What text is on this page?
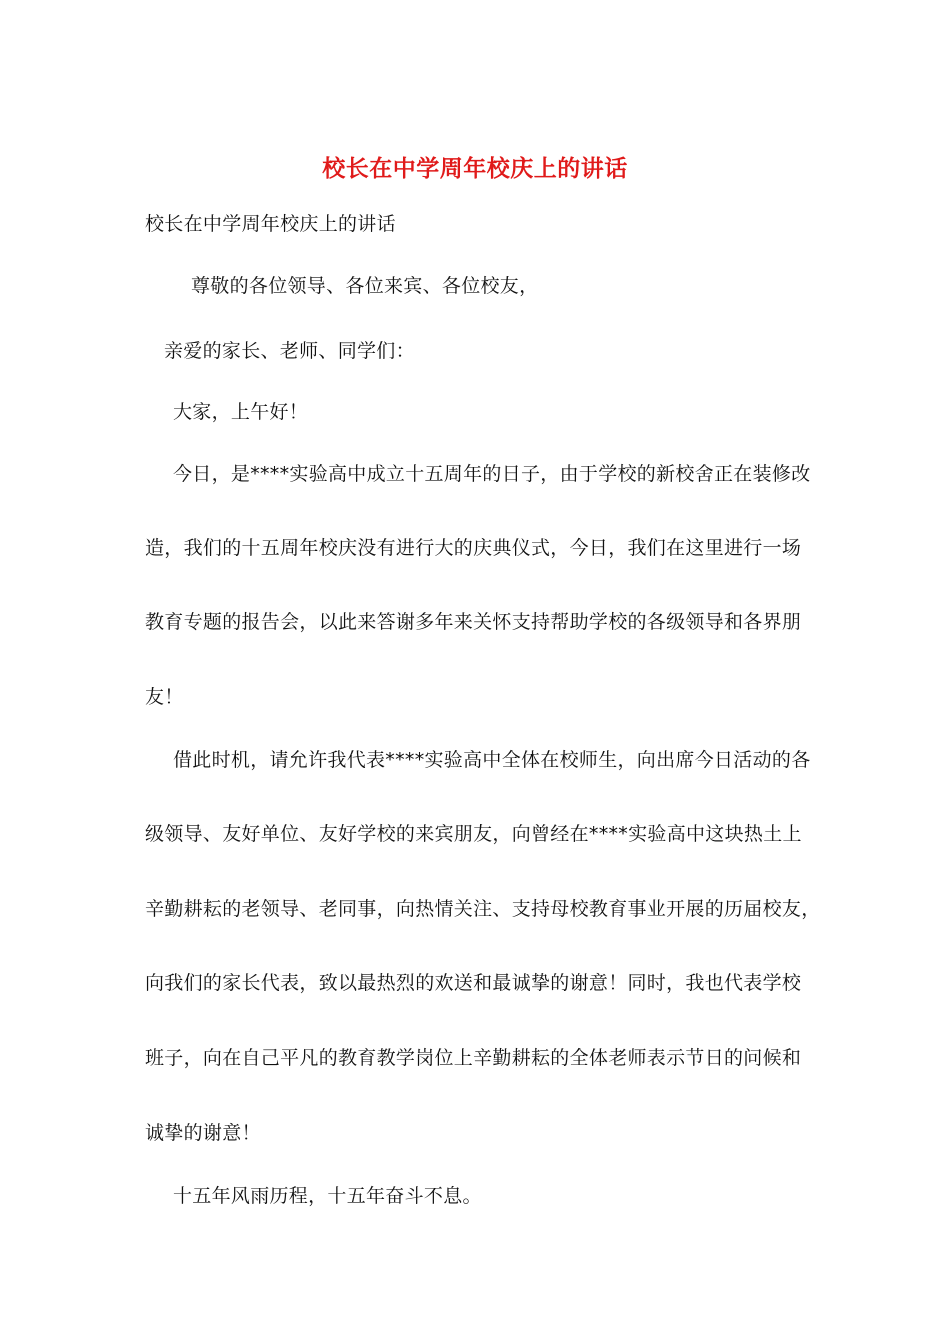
校长在中学周年校庆上的讲话
校长在中学周年校庆上的讲话
尊敬的各位领导、各位来宾、各位校友，
亲爱的家长、老师、同学们：
大家，上午好！
今日，是****实验高中成立十五周年的日子，由于学校的新校舍正在装修改
造，我们的十五周年校庆没有进行大的庆典仪式，今日，我们在这里进行一场
教育专题的报告会，以此来答谢多年来关怀支持帮助学校的各级领导和各界朋
友！
借此时机，请允许我代表****实验高中全体在校师生，向出席今日活动的各
级领导、友好单位、友好学校的来宾朋友，向曾经在****实验高中这块热土上
辛勤耕耘的老领导、老同事，向热情关注、支持母校教育事业开展的历届校友，
向我们的家长代表，致以最热烈的欢送和最诚挚的谢意！同时，我也代表学校
班子，向在自己平凡的教育教学岗位上辛勤耕耘的全体老师表示节日的问候和
诚挚的谢意！
十五年风雨历程，十五年奋斗不息。
